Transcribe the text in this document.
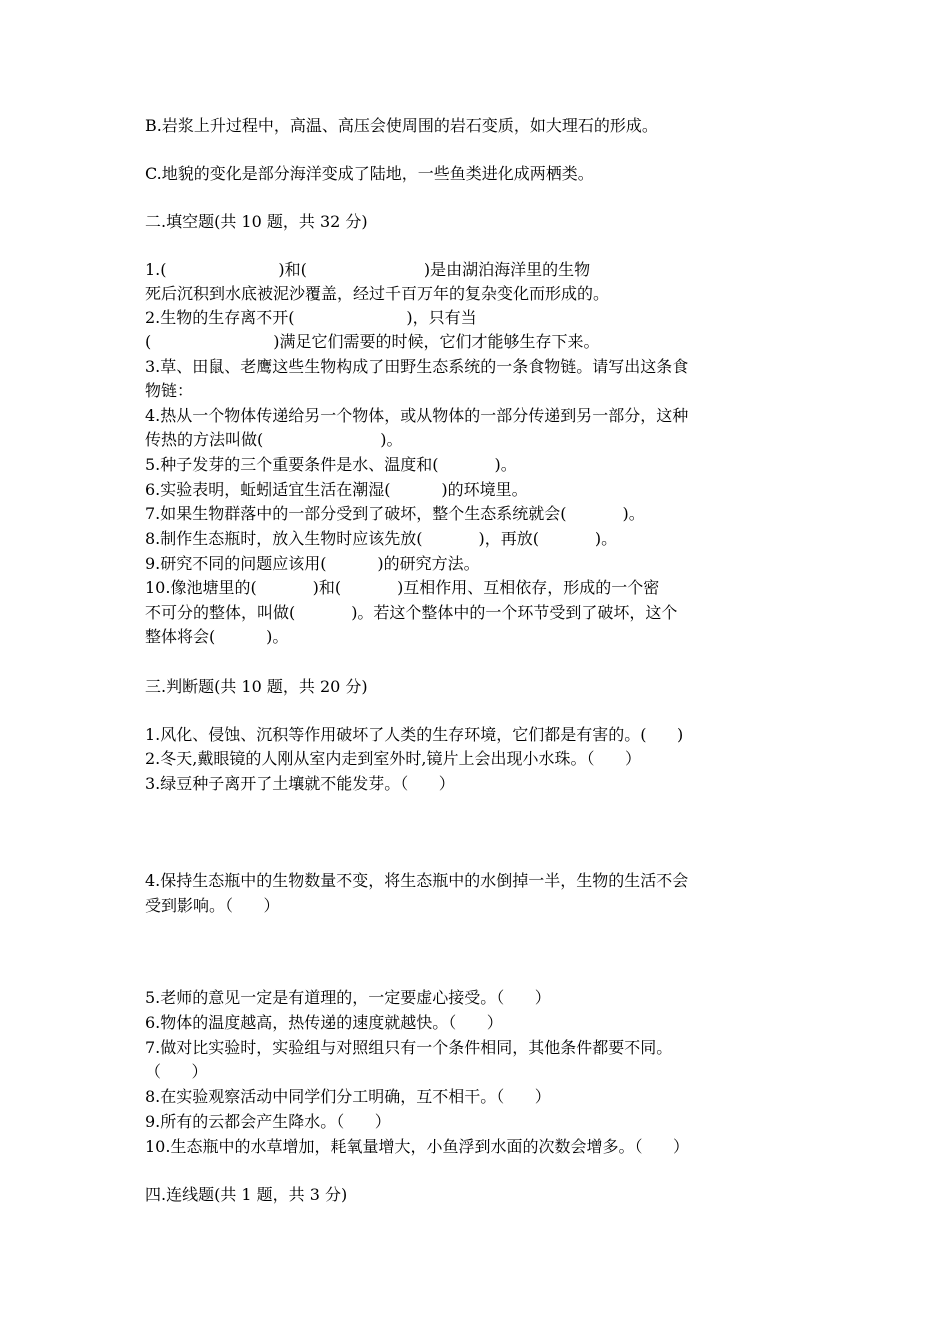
B.岩浆上升过程中，高温、高压会使周围的岩石变质，如大理石的形成。
C.地貌的变化是部分海洋变成了陆地，一些鱼类进化成两栖类。
二.填空题(共 10 题，共 32 分)
1.(                      )和(                       )是由湖泊海洋里的生物
死后沉积到水底被泥沙覆盖，经过千百万年的复杂变化而形成的。
2.生物的生存离不开(                      )，只有当
(                        )满足它们需要的时候，它们才能够生存下来。
3.草、田鼠、老鹰这些生物构成了田野生态系统的一条食物链。请写出这条食
物链：
4.热从一个物体传递给另一个物体，或从物体的一部分传递到另一部分，这种
传热的方法叫做(                       )。
5.种子发芽的三个重要条件是水、温度和(           )。
6.实验表明，蚯蚓适宜生活在潮湿(          )的环境里。
7.如果生物群落中的一部分受到了破坏，整个生态系统就会(           )。
8.制作生态瓶时，放入生物时应该先放(           )，再放(           )。
9.研究不同的问题应该用(          )的研究方法。
10.像池塘里的(           )和(           )互相作用、互相依存，形成的一个密
不可分的整体，叫做(           )。若这个整体中的一个环节受到了破坏，这个
整体将会(          )。
三.判断题(共 10 题，共 20 分)
1.风化、侵蚀、沉积等作用破坏了人类的生存环境，它们都是有害的。(      )
2.冬天,戴眼镜的人刚从室内走到室外时,镜片上会出现小水珠。（      ）
3.绿豆种子离开了土壤就不能发芽。（      ）
4.保持生态瓶中的生物数量不变，将生态瓶中的水倒掉一半，生物的生活不会
受到影响。（      ）
5.老师的意见一定是有道理的，一定要虚心接受。（      ）
6.物体的温度越高，热传递的速度就越快。（      ）
7.做对比实验时，实验组与对照组只有一个条件相同，其他条件都要不同。
（      ）
8.在实验观察活动中同学们分工明确，互不相干。（      ）
9.所有的云都会产生降水。（      ）
10.生态瓶中的水草增加，耗氧量增大，小鱼浮到水面的次数会增多。（      ）
四.连线题(共 1 题，共 3 分)
